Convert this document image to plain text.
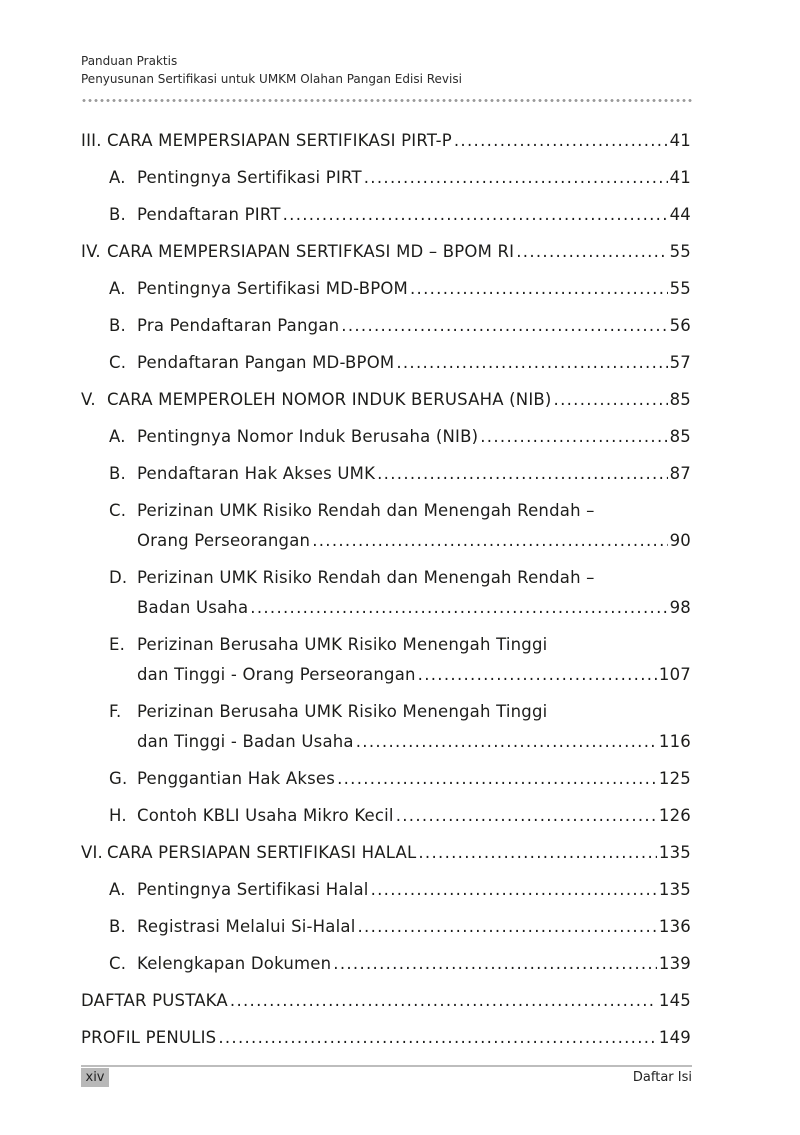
Panduan Praktis
Penyusunan Sertifikasi untuk UMKM Olahan Pangan Edisi Revisi
III. CARA MEMPERSIAPAN SERTIFIKASI PIRT-P .....	41
A. Pentingnya Sertifikasi PIRT .....	41
B. Pendaftaran PIRT .....	44
IV. CARA MEMPERSIAPAN SERTIFKASI MD – BPOM RI .....	55
A. Pentingnya Sertifikasi MD-BPOM .....	55
B. Pra Pendaftaran Pangan .....	56
C. Pendaftaran Pangan MD-BPOM .....	57
V. CARA MEMPEROLEH NOMOR INDUK BERUSAHA (NIB) .....	85
A. Pentingnya Nomor Induk Berusaha (NIB) .....	85
B. Pendaftaran Hak Akses UMK .....	87
C. Perizinan UMK Risiko Rendah dan Menengah Rendah –
Orang Perseorangan .....	90
D. Perizinan UMK Risiko Rendah dan Menengah Rendah –
Badan Usaha .....	98
E. Perizinan Berusaha UMK Risiko Menengah Tinggi
dan Tinggi - Orang Perseorangan .....	107
F. Perizinan Berusaha UMK Risiko Menengah Tinggi
dan Tinggi - Badan Usaha .....	116
G. Penggantian Hak Akses .....	125
H. Contoh KBLI Usaha Mikro Kecil .....	126
VI. CARA PERSIAPAN SERTIFIKASI HALAL .....	135
A. Pentingnya Sertifikasi Halal .....	135
B. Registrasi Melalui Si-Halal .....	136
C. Kelengkapan Dokumen .....	139
DAFTAR PUSTAKA .....	145
PROFIL PENULIS .....	149
xiv	Daftar Isi
